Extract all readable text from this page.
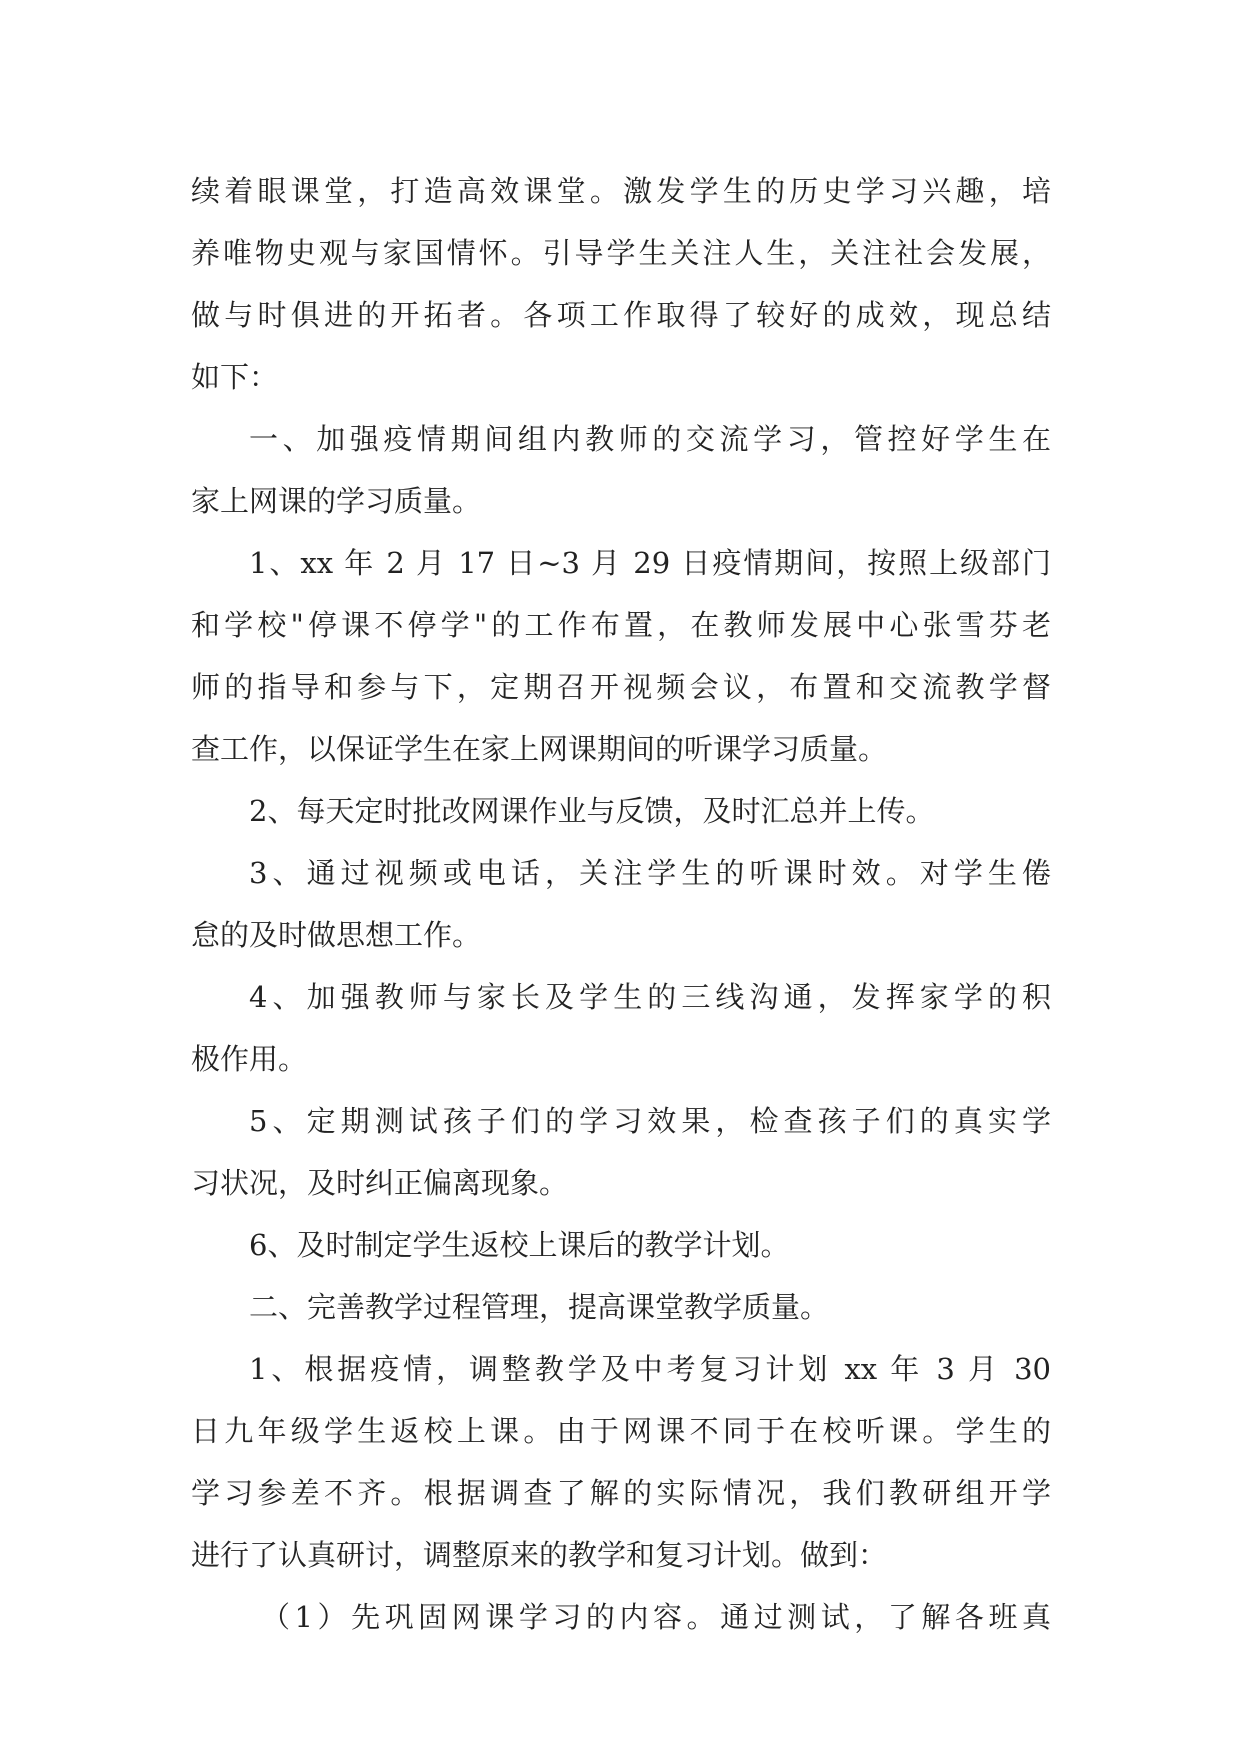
续着眼课堂，打造高效课堂。激发学生的历史学习兴趣，培
养唯物史观与家国情怀。引导学生关注人生，关注社会发展，
做与时俱进的开拓者。各项工作取得了较好的成效，现总结
如下：
一、加强疫情期间组内教师的交流学习，管控好学生在
家上网课的学习质量。
1、xx 年 2 月 17 日~3 月 29 日疫情期间，按照上级部门
和学校"停课不停学"的工作布置，在教师发展中心张雪芬老
师的指导和参与下，定期召开视频会议，布置和交流教学督
查工作，以保证学生在家上网课期间的听课学习质量。
2、每天定时批改网课作业与反馈，及时汇总并上传。
3、通过视频或电话，关注学生的听课时效。对学生倦
怠的及时做思想工作。
4、加强教师与家长及学生的三线沟通，发挥家学的积
极作用。
5、定期测试孩子们的学习效果，检查孩子们的真实学
习状况，及时纠正偏离现象。
6、及时制定学生返校上课后的教学计划。
二、完善教学过程管理，提高课堂教学质量。
1、根据疫情，调整教学及中考复习计划 xx 年 3 月 30
日九年级学生返校上课。由于网课不同于在校听课。学生的
学习参差不齐。根据调查了解的实际情况，我们教研组开学
进行了认真研讨，调整原来的教学和复习计划。做到：
（1）先巩固网课学习的内容。通过测试，了解各班真
